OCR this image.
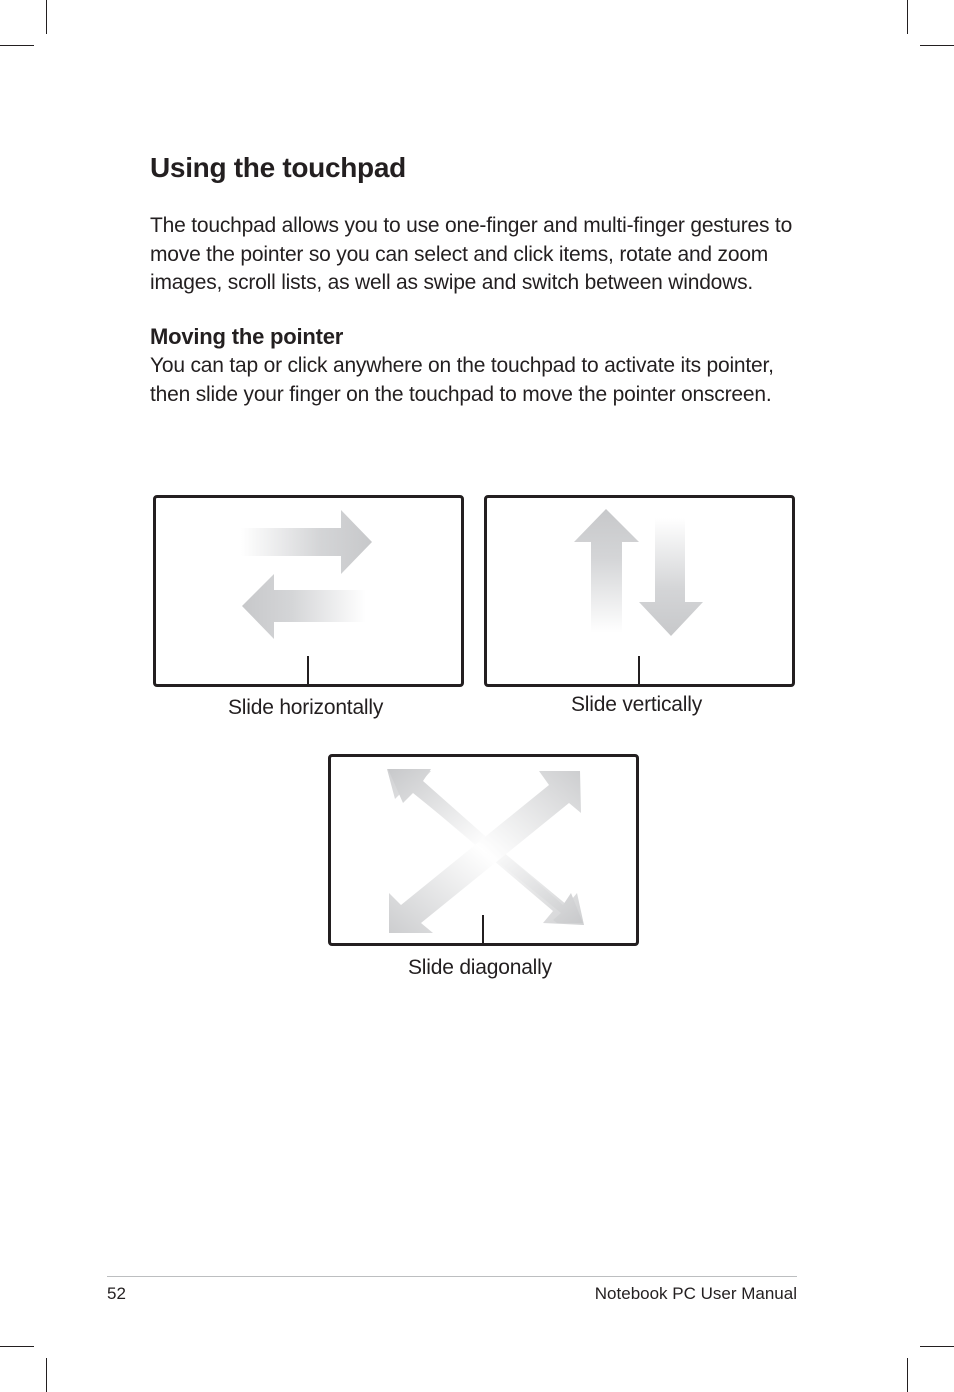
Using the touchpad

The touchpad allows you to use one-finger and multi-finger gestures to move the pointer so you can select and click items, rotate and zoom images, scroll lists, as well as swipe and switch between windows.

Moving the pointer

You can tap or click anywhere on the touchpad to activate its pointer, then slide your finger on the touchpad to move the pointer onscreen.

Slide horizontally	Slide vertically
Slide diagonally
52	Notebook PC User Manual
